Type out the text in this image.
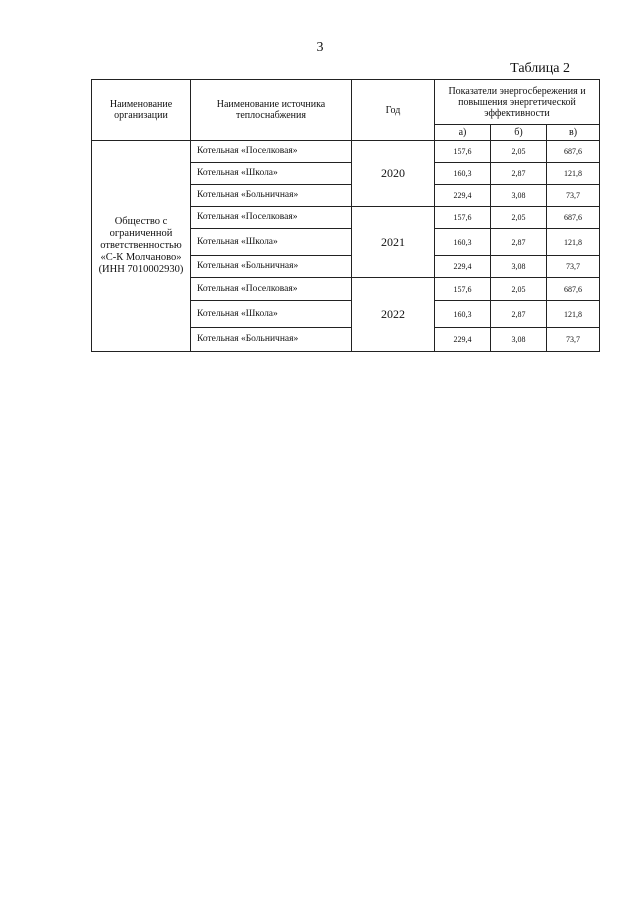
3
Таблица 2
Наименование организации	Наименование источника теплоснабжения	Год	Показатели энергосбережения и повышения энергетической эффективности		
			а)	б)	в)
Общество с ограниченной ответственностью «С-К Молчаново» (ИНН 7010002930)	Котельная «Поселковая»	2020	157,6	2,05	687,6
	Котельная «Школа»		160,3	2,87	121,8
	Котельная «Больничная»		229,4	3,08	73,7
	Котельная «Поселковая»	2021	157,6	2,05	687,6
	Котельная «Школа»		160,3	2,87	121,8
	Котельная «Больничная»		229,4	3,08	73,7
	Котельная «Поселковая»	2022	157,6	2,05	687,6
	Котельная «Школа»		160,3	2,87	121,8
	Котельная «Больничная»		229,4	3,08	73,7
